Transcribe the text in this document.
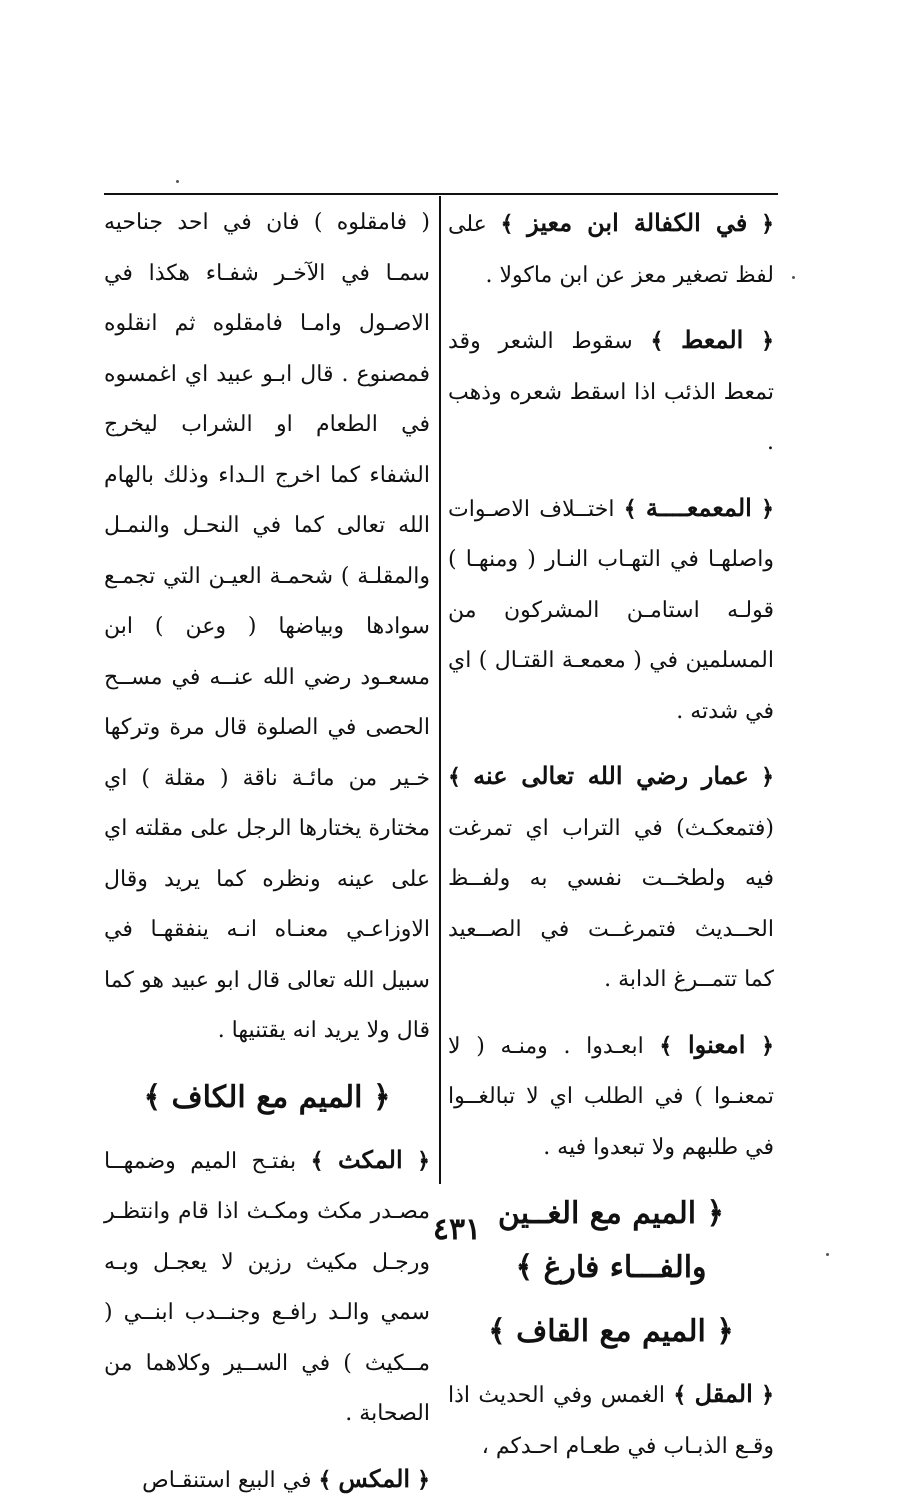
﴿ في الكفالة ابن معيز ﴾ على لفظ تصغير معز عن ابن ماكولا .

﴿ المعط ﴾ سقوط الشعر وقد تمعط الذئب اذا اسقط شعره وذهب .

﴿ المعمعــــة ﴾ اختــلاف الاصـوات واصلهـا في التهـاب النـار ( ومنهـا ) قولـه استامـن المشركون من المسلمين في ( معمعـة القتـال ) اي في شدته .

﴿ عمار رضي الله تعالى عنه ﴾ (فتمعكـث) في التراب اي تمرغت فيه ولطخــت نفسي به ولفــظ الحــديث فتمرغــت في الصــعيد كما تتمــرغ الدابة .

﴿ امعنوا ﴾ ابعـدوا . ومنـه ( لا تمعنـوا ) في الطلب اي لا تبالغــوا في طلبهم ولا تبعدوا فيه .

﴿ الميم مع الغــين والفـــاء فارغ ﴾
﴿ الميم مع القاف ﴾

﴿ المقل ﴾ الغمس وفي الحديث اذا وقـع الذبـاب في طعـام احـدكم ،

( فامقلوه ) فان في احد جناحيه سمـا في الآخـر شفـاء هكذا في الاصـول وامـا فامقلوه ثم انقلوه فمصنوع . قال ابـو عبيد اي اغمسوه في الطعام او الشراب ليخرج الشفاء كما اخرج الـداء وذلك بالهام الله تعالى كما في النحـل والنمـل والمقلـة ) شحمـة العيـن التي تجمـع سوادها وبياضها ( وعن ) ابن مسعـود رضي الله عنــه في مســح الحصى في الصلوة قال مرة وتركها خـير من مائـة ناقة ( مقلة ) اي مختارة يختارها الرجل على مقلته اي على عينه ونظره كما يريد وقال الاوزاعـي معنـاه انـه ينفقهـا في سبيل الله تعالى قال ابو عبيد هو كما قال ولا يريد انه يقتنيها .

﴿ الميم مع الكاف ﴾

﴿ المكث ﴾ بفتـح الميم وضمهــا مصـدر مكث ومكـث اذا قام وانتظـر ورجـل مكيث رزين لا يعجـل وبـه سمي والـد رافـع وجنــدب ابنــي ( مــكيث ) في الســير وكلاهما من الصحابة .

﴿ المكس ﴾ في البيع استنقـاص

٤٣١
